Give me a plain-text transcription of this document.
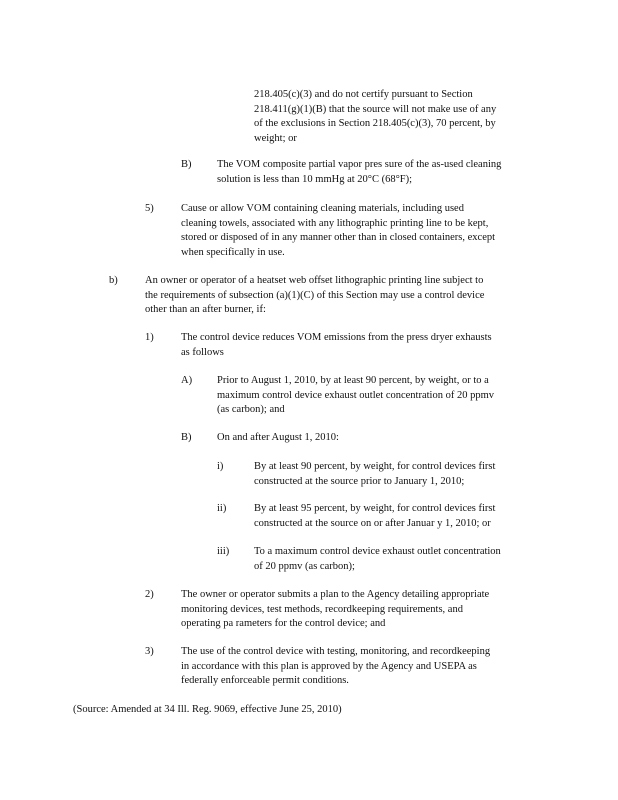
218.405(c)(3) and do not certify pursuant to Section
218.411(g)(1)(B) that the source will not make use of any
of the exclusions in Section 218.405(c)(3), 70 percent, by
weight; or
B) The VOM composite partial vapor pres sure of the as-used cleaning
solution is less than 10 mmHg at 20°C (68°F);
5)	Cause or allow VOM containing cleaning materials, including used
cleaning towels, associated with any lithographic printing line to be kept,
stored or disposed of in any manner other than in closed containers, except
when specifically in use.
b)	An owner or operator of a heatset web offset lithographic printing line subject to
the requirements of subsection (a)(1)(C) of this Section may use a control device
other than an after burner, if:
1)	The control device reduces VOM emissions from the press dryer exhausts
as follows
A) Prior to August 1, 2010, by at least 90 percent, by weight, or to a
maximum control device exhaust outlet concentration of 20 ppmv
(as carbon); and
B) On and after August 1, 2010:
i)	By at least 90 percent, by weight, for control devices first
constructed at the source prior to January 1, 2010;
ii)	By at least 95 percent, by weight, for control devices first
constructed at the source on or after Januar y 1, 2010; or
iii) To a maximum control device exhaust outlet concentration
of 20 ppmv (as carbon);
2)	The owner or operator submits a plan to the Agency detailing appropriate
monitoring devices, test methods, recordkeeping requirements, and
operating pa rameters for the control device; and
3)	The use of the control device with testing, monitoring, and recordkeeping
in accordance with this plan is approved by the Agency and USEPA as
federally enforceable permit conditions.
(Source: Amended at 34 Ill. Reg. 9069, effective June 25, 2010)
